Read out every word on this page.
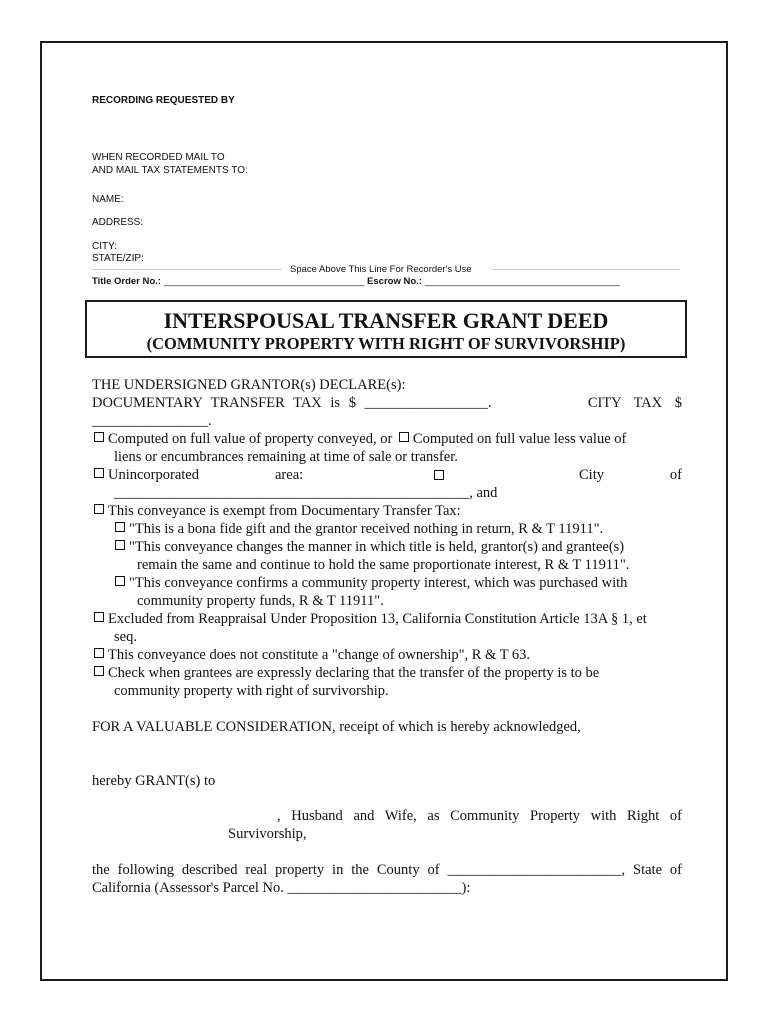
RECORDING REQUESTED BY
WHEN RECORDED MAIL TO
AND MAIL TAX STATEMENTS TO:
NAME:
ADDRESS:
CITY:
STATE/ZIP:
Space Above This Line For Recorder's Use
Title Order No.: ______________________________________ Escrow No.: _____________________________________
INTERSPOUSAL TRANSFER GRANT DEED
(COMMUNITY PROPERTY WITH RIGHT OF SURVIVORSHIP)
THE UNDERSIGNED GRANTOR(s) DECLARE(s):
DOCUMENTARY TRANSFER TAX is $ _________________.	CITY TAX $
________________.
Computed on full value of property conveyed, or Computed on full value less value of
liens or encumbrances remaining at time of sale or transfer.
Unincorporated	area:	City	of
_________________________________________________, and
This conveyance is exempt from Documentary Transfer Tax:
"This is a bona fide gift and the grantor received nothing in return, R & T 11911".
"This conveyance changes the manner in which title is held, grantor(s) and grantee(s)
remain the same and continue to hold the same proportionate interest, R & T 11911".
"This conveyance confirms a community property interest, which was purchased with
community property funds, R & T 11911".
Excluded from Reappraisal Under Proposition 13, California Constitution Article 13A § 1, et
seq.
This conveyance does not constitute a "change of ownership", R & T 63.
Check when grantees are expressly declaring that the transfer of the property is to be
community property with right of survivorship.
FOR A VALUABLE CONSIDERATION, receipt of which is hereby acknowledged,
hereby GRANT(s) to
, Husband and Wife, as Community Property with Right of
Survivorship,
the following described real property in the County of ________________________, State of
California (Assessor's Parcel No. ________________________):
